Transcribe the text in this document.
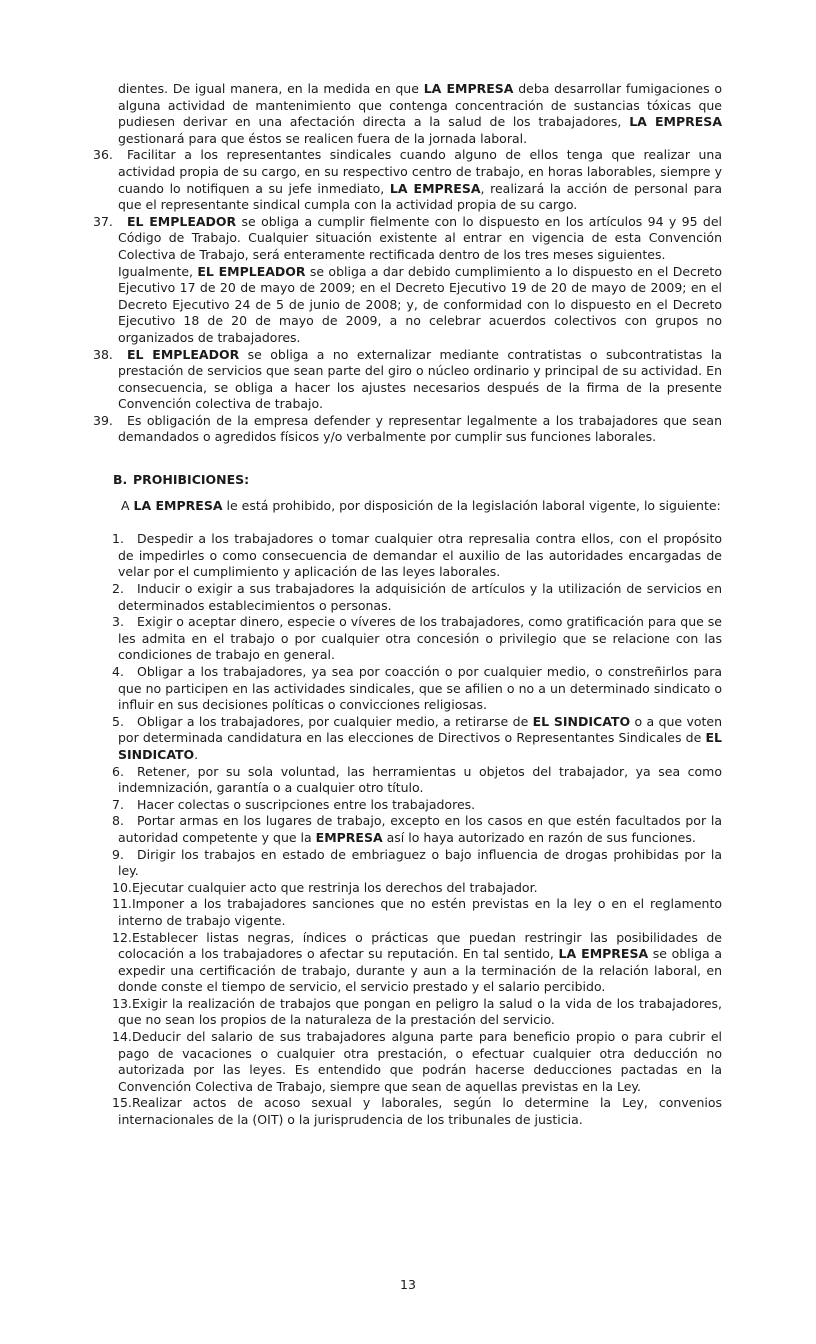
dientes. De igual manera, en la medida en que LA EMPRESA deba desarrollar fumigaciones o alguna actividad de mantenimiento que contenga concentración de sustancias tóxicas que pudiesen derivar en una afectación directa a la salud de los trabajadores, LA EMPRESA gestionará para que éstos se realicen fuera de la jornada laboral.

36.	Facilitar a los representantes sindicales cuando alguno de ellos tenga que realizar una actividad propia de su cargo, en su respectivo centro de trabajo, en horas laborables, siempre y cuando lo notifiquen a su jefe inmediato, LA EMPRESA, realizará la acción de personal para que el representante sindical cumpla con la actividad propia de su cargo.

37.	EL EMPLEADOR se obliga a cumplir fielmente con lo dispuesto en los artículos 94 y 95 del Código de Trabajo. Cualquier situación existente al entrar en vigencia de esta Convención Colectiva de Trabajo, será enteramente rectificada dentro de los tres meses siguientes.

Igualmente, EL EMPLEADOR se obliga a dar debido cumplimiento a lo dispuesto en el Decreto Ejecutivo 17 de 20 de mayo de 2009; en el Decreto Ejecutivo 19 de 20 de mayo de 2009; en el Decreto Ejecutivo 24 de 5 de junio de 2008; y, de conformidad con lo dispuesto en el Decreto Ejecutivo 18 de 20 de mayo de 2009, a no celebrar acuerdos colectivos con grupos no organizados de trabajadores.

38.	EL EMPLEADOR se obliga a no externalizar mediante contratistas o subcontratistas la prestación de servicios que sean parte del giro o núcleo ordinario y principal de su actividad. En consecuencia, se obliga a hacer los ajustes necesarios después de la firma de la presente Convención colectiva de trabajo.

39.	Es obligación de la empresa defender y representar legalmente a los trabajadores que sean demandados o agredidos físicos y/o verbalmente por cumplir sus funciones laborales.

B. PROHIBICIONES:

A LA EMPRESA le está prohibido, por disposición de la legislación laboral vigente, lo siguiente:

1.	Despedir a los trabajadores o tomar cualquier otra represalia contra ellos, con el propósito de impedirles o como consecuencia de demandar el auxilio de las autoridades encargadas de velar por el cumplimiento y aplicación de las leyes laborales.

2.	Inducir o exigir a sus trabajadores la adquisición de artículos y la utilización de servicios en determinados establecimientos o personas.

3.	Exigir o aceptar dinero, especie o víveres de los trabajadores, como gratificación para que se les admita en el trabajo o por cualquier otra concesión o privilegio que se relacione con las condiciones de trabajo en general.

4.	Obligar a los trabajadores, ya sea por coacción o por cualquier medio, o constreñirlos para que no participen en las actividades sindicales, que se afilien o no a un determinado sindicato o influir en sus decisiones políticas o convicciones religiosas.

5.	Obligar a los trabajadores, por cualquier medio, a retirarse de EL SINDICATO o a que voten por determinada candidatura en las elecciones de Directivos o Representantes Sindicales de EL SINDICATO.

6.	Retener, por su sola voluntad, las herramientas u objetos del trabajador, ya sea como indemnización, garantía o a cualquier otro título.

7.	Hacer colectas o suscripciones entre los trabajadores.

8.	Portar armas en los lugares de trabajo, excepto en los casos en que estén facultados por la autoridad competente y que la EMPRESA así lo haya autorizado en razón de sus funciones.

9.	Dirigir los trabajos en estado de embriaguez o bajo influencia de drogas prohibidas por la ley.

10. Ejecutar cualquier acto que restrinja los derechos del trabajador.

11. Imponer a los trabajadores sanciones que no estén previstas en la ley o en el reglamento interno de trabajo vigente.

12. Establecer listas negras, índices o prácticas que puedan restringir las posibilidades de colocación a los trabajadores o afectar su reputación. En tal sentido, LA EMPRESA se obliga a expedir una certificación de trabajo, durante y aun a la terminación de la relación laboral, en donde conste el tiempo de servicio, el servicio prestado y el salario percibido.

13. Exigir la realización de trabajos que pongan en peligro la salud o la vida de los trabajadores, que no sean los propios de la naturaleza de la prestación del servicio.

14. Deducir del salario de sus trabajadores alguna parte para beneficio propio o para cubrir el pago de vacaciones o cualquier otra prestación, o efectuar cualquier otra deducción no autorizada por las leyes. Es entendido que podrán hacerse deducciones pactadas en la Convención Colectiva de Trabajo, siempre que sean de aquellas previstas en la Ley.

15. Realizar actos de acoso sexual y laborales, según lo determine la Ley, convenios internacionales de la (OIT) o la jurisprudencia de los tribunales de justicia.

13
